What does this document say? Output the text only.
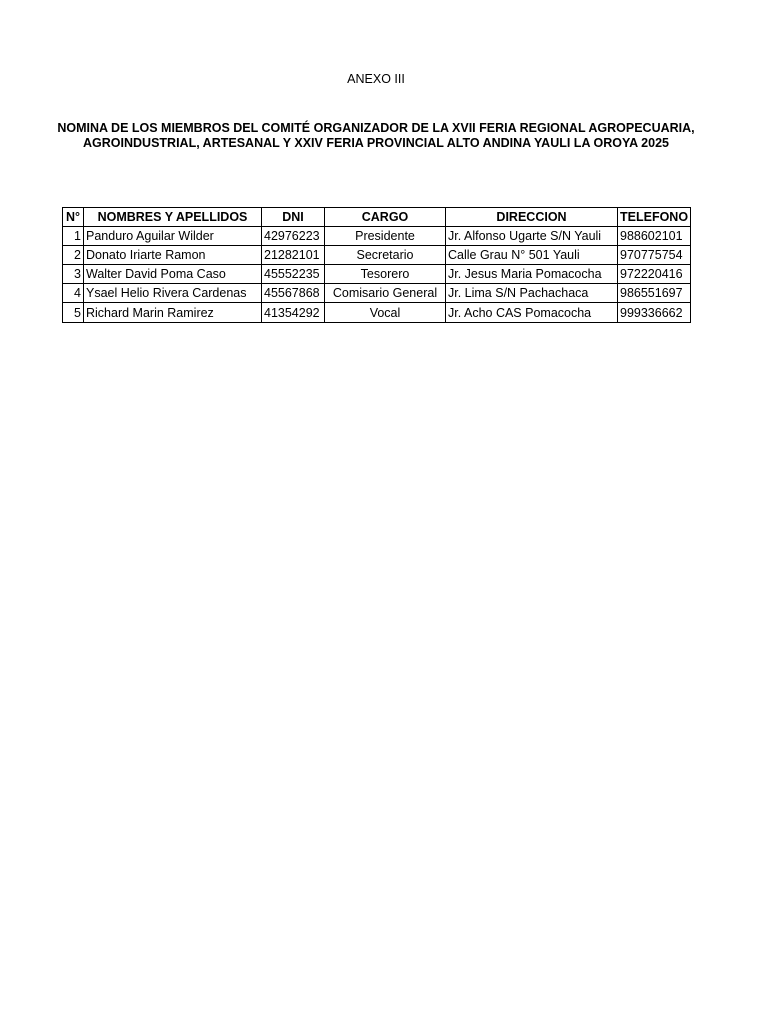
ANEXO III
NOMINA DE LOS MIEMBROS DEL COMITÉ ORGANIZADOR DE LA XVII FERIA REGIONAL AGROPECUARIA,
AGROINDUSTRIAL, ARTESANAL Y XXIV FERIA PROVINCIAL ALTO ANDINA YAULI LA OROYA 2025
N°	NOMBRES Y APELLIDOS	DNI	CARGO	DIRECCION	TELEFONO
1	Panduro Aguilar Wilder	42976223	Presidente	Jr. Alfonso Ugarte S/N Yauli	988602101
2	Donato Iriarte Ramon	21282101	Secretario	Calle Grau N° 501 Yauli	970775754
3	Walter David Poma Caso	45552235	Tesorero	Jr. Jesus Maria Pomacocha	972220416
4	Ysael Helio Rivera Cardenas	45567868	Comisario General	Jr. Lima S/N Pachachaca	986551697
5	Richard Marin Ramirez	41354292	Vocal	Jr. Acho CAS Pomacocha	999336662
